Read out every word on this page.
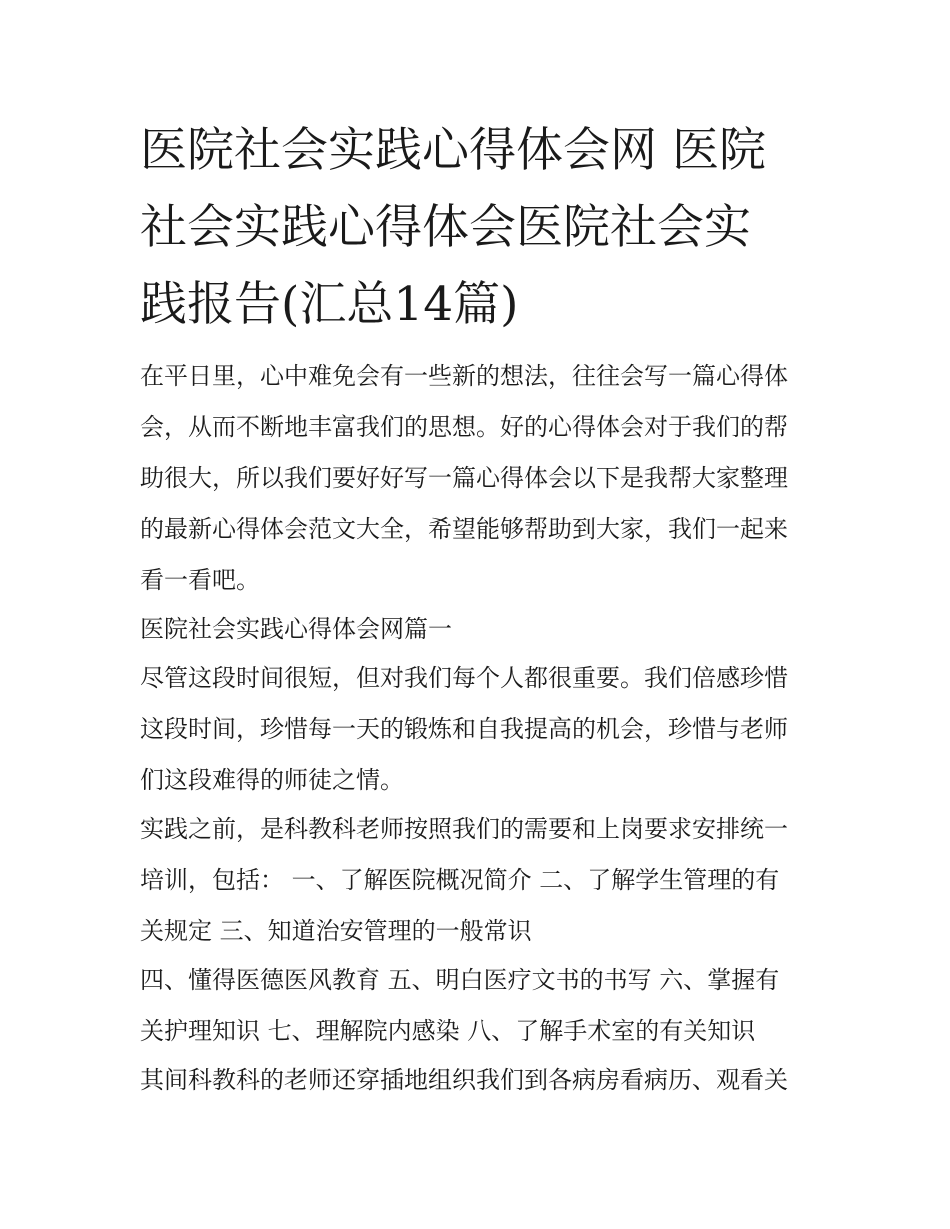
医院社会实践心得体会网 医院
社会实践心得体会医院社会实
践报告(汇总14篇)
在平日里，心中难免会有一些新的想法，往往会写一篇心得体
会，从而不断地丰富我们的思想。好的心得体会对于我们的帮
助很大，所以我们要好好写一篇心得体会以下是我帮大家整理
的最新心得体会范文大全，希望能够帮助到大家，我们一起来
看一看吧。
医院社会实践心得体会网篇一
尽管这段时间很短，但对我们每个人都很重要。我们倍感珍惜
这段时间，珍惜每一天的锻炼和自我提高的机会，珍惜与老师
们这段难得的师徒之情。
实践之前，是科教科老师按照我们的需要和上岗要求安排统一
培训，包括： 一、了解医院概况简介 二、了解学生管理的有
关规定 三、知道治安管理的一般常识
四、懂得医德医风教育 五、明白医疗文书的书写 六、掌握有
关护理知识 七、理解院内感染 八、了解手术室的有关知识
其间科教科的老师还穿插地组织我们到各病房看病历、观看关
